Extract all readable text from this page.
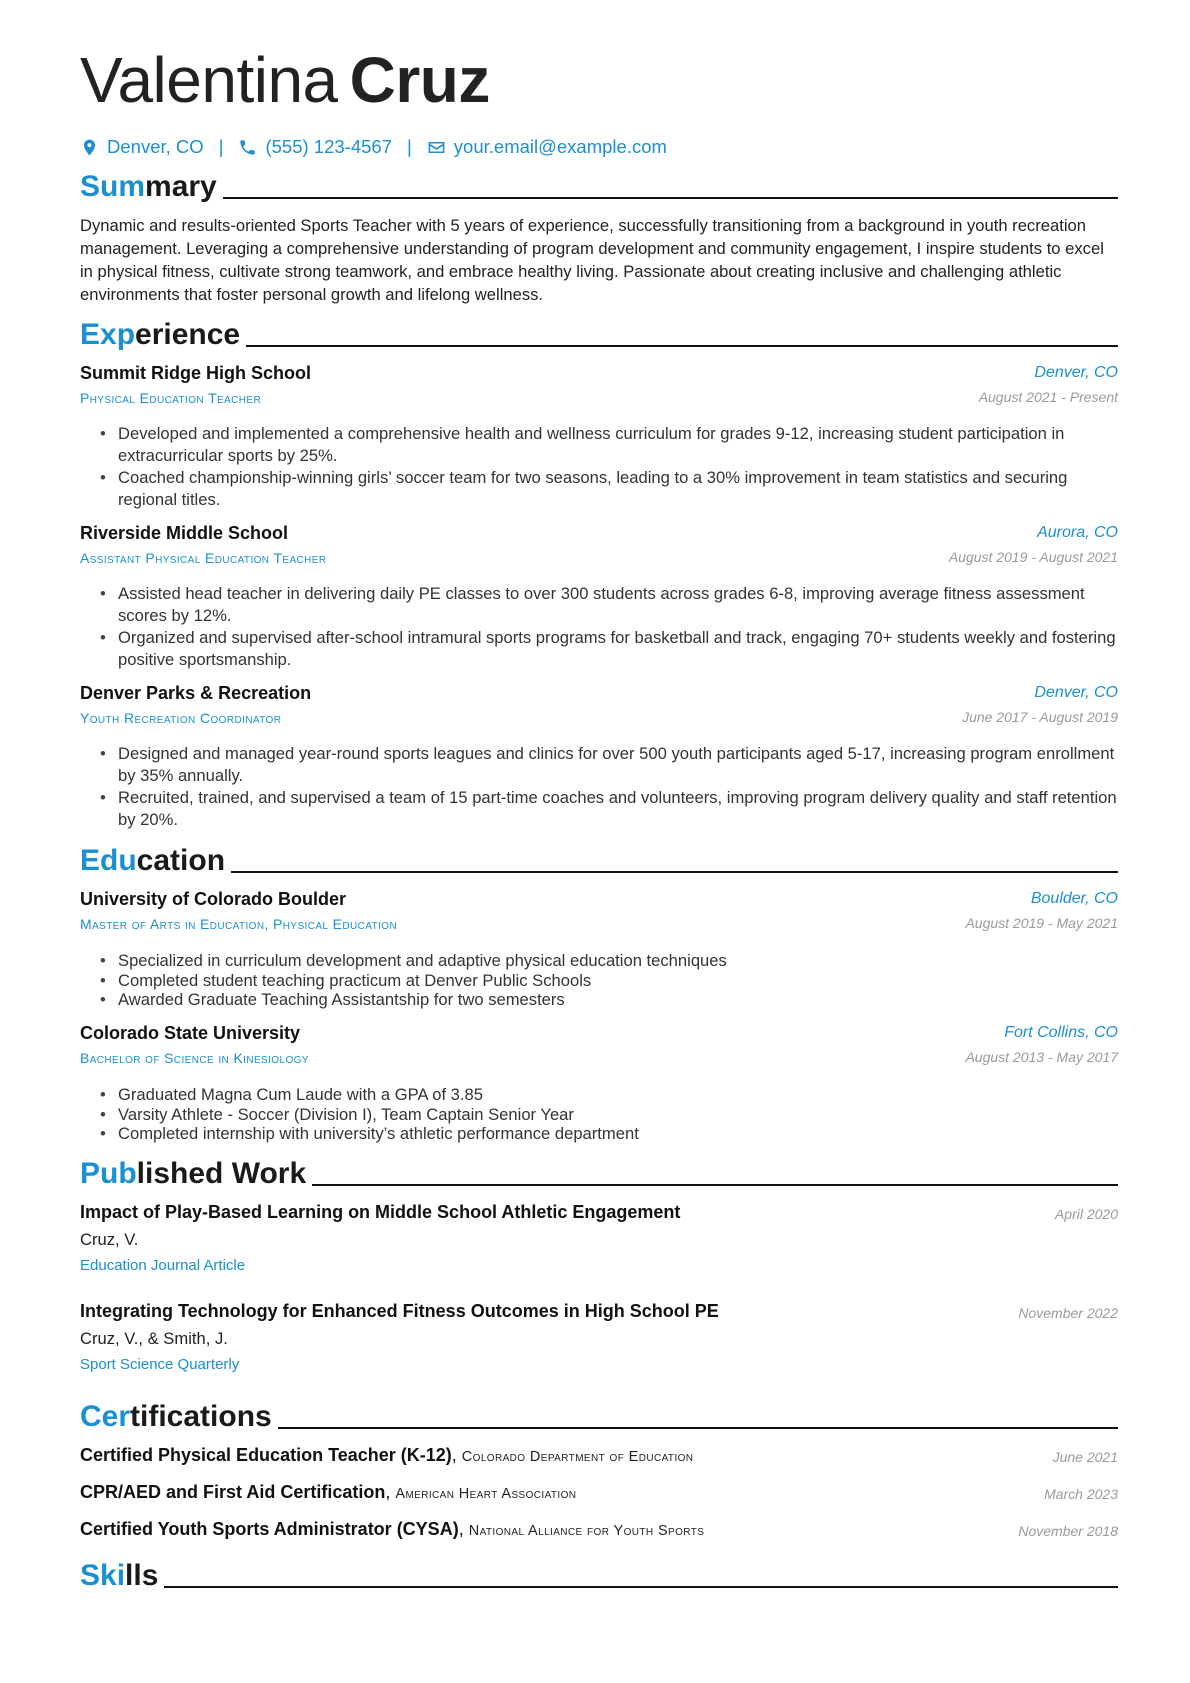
Valentina Cruz
Denver, CO | (555) 123-4567 | your.email@example.com
Summary
Dynamic and results-oriented Sports Teacher with 5 years of experience, successfully transitioning from a background in youth recreation management. Leveraging a comprehensive understanding of program development and community engagement, I inspire students to excel in physical fitness, cultivate strong teamwork, and embrace healthy living. Passionate about creating inclusive and challenging athletic environments that foster personal growth and lifelong wellness.
Experience
Summit Ridge High School	Denver, CO
Physical Education Teacher	August 2021 - Present
• Developed and implemented a comprehensive health and wellness curriculum for grades 9-12, increasing student participation in extracurricular sports by 25%.
• Coached championship-winning girls’ soccer team for two seasons, leading to a 30% improvement in team statistics and securing regional titles.
Riverside Middle School	Aurora, CO
Assistant Physical Education Teacher	August 2019 - August 2021
• Assisted head teacher in delivering daily PE classes to over 300 students across grades 6-8, improving average fitness assessment scores by 12%.
• Organized and supervised after-school intramural sports programs for basketball and track, engaging 70+ students weekly and fostering positive sportsmanship.
Denver Parks & Recreation	Denver, CO
Youth Recreation Coordinator	June 2017 - August 2019
• Designed and managed year-round sports leagues and clinics for over 500 youth participants aged 5-17, increasing program enrollment by 35% annually.
• Recruited, trained, and supervised a team of 15 part-time coaches and volunteers, improving program delivery quality and staff retention by 20%.
Education
University of Colorado Boulder	Boulder, CO
Master of Arts in Education, Physical Education	August 2019 - May 2021
• Specialized in curriculum development and adaptive physical education techniques
• Completed student teaching practicum at Denver Public Schools
• Awarded Graduate Teaching Assistantship for two semesters
Colorado State University	Fort Collins, CO
Bachelor of Science in Kinesiology	August 2013 - May 2017
• Graduated Magna Cum Laude with a GPA of 3.85
• Varsity Athlete - Soccer (Division I), Team Captain Senior Year
• Completed internship with university’s athletic performance department
Published Work
Impact of Play-Based Learning on Middle School Athletic Engagement	April 2020
Cruz, V.
Education Journal Article
Integrating Technology for Enhanced Fitness Outcomes in High School PE	November 2022
Cruz, V., & Smith, J.
Sport Science Quarterly
Certifications
Certified Physical Education Teacher (K-12), Colorado Department of Education	June 2021
CPR/AED and First Aid Certification, American Heart Association	March 2023
Certified Youth Sports Administrator (CYSA), National Alliance for Youth Sports	November 2018
Skills
